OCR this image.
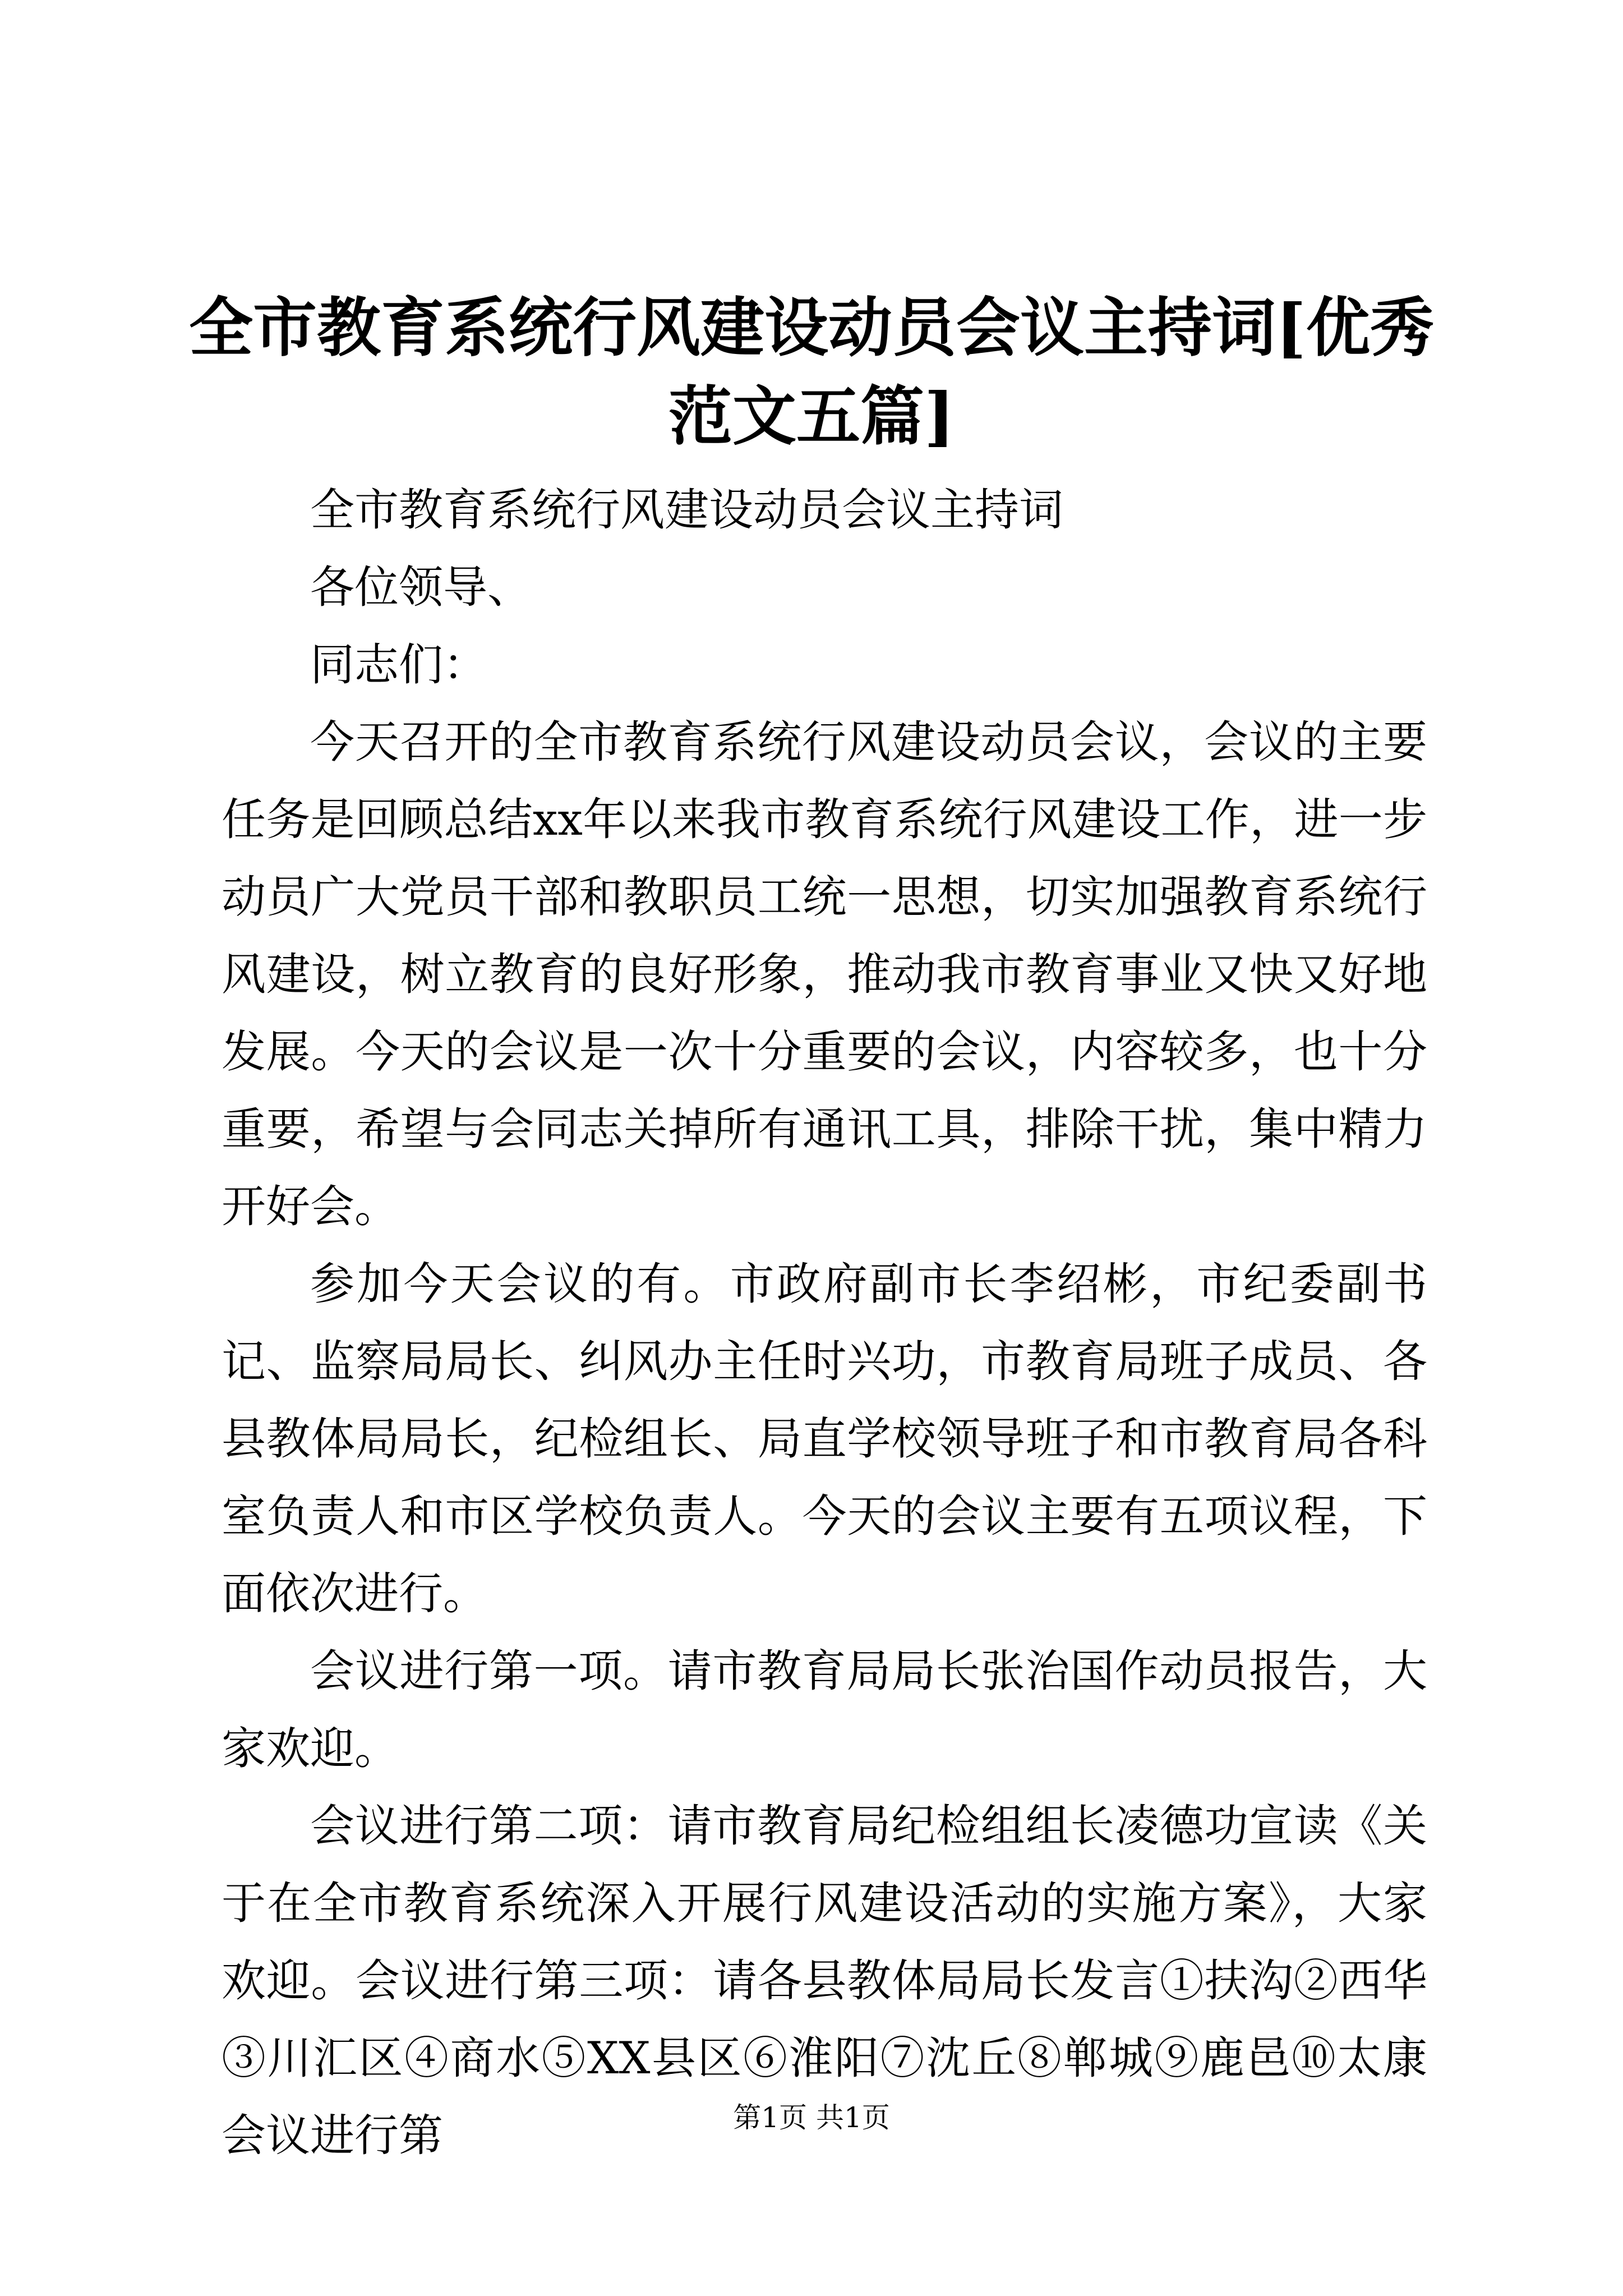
全市教育系统行风建设动员会议主持词[优秀范文五篇]

全市教育系统行风建设动员会议主持词

各位领导、

同志们：

今天召开的全市教育系统行风建设动员会议，会议的主要任务是回顾总结xx年以来我市教育系统行风建设工作，进一步动员广大党员干部和教职员工统一思想，切实加强教育系统行风建设，树立教育的良好形象，推动我市教育事业又快又好地发展。今天的会议是一次十分重要的会议，内容较多，也十分重要，希望与会同志关掉所有通讯工具，排除干扰，集中精力开好会。

参加今天会议的有。市政府副市长李绍彬，市纪委副书记、监察局局长、纠风办主任时兴功，市教育局班子成员、各县教体局局长，纪检组长、局直学校领导班子和市教育局各科室负责人和市区学校负责人。今天的会议主要有五项议程，下面依次进行。

会议进行第一项。请市教育局局长张治国作动员报告，大家欢迎。

会议进行第二项：请市教育局纪检组组长凌德功宣读《关于在全市教育系统深入开展行风建设活动的实施方案》，大家欢迎。会议进行第三项：请各县教体局局长发言①扶沟②西华③川汇区④商水⑤XX县区⑥淮阳⑦沈丘⑧郸城⑨鹿邑⑩太康会议进行第	第1页 共1页
